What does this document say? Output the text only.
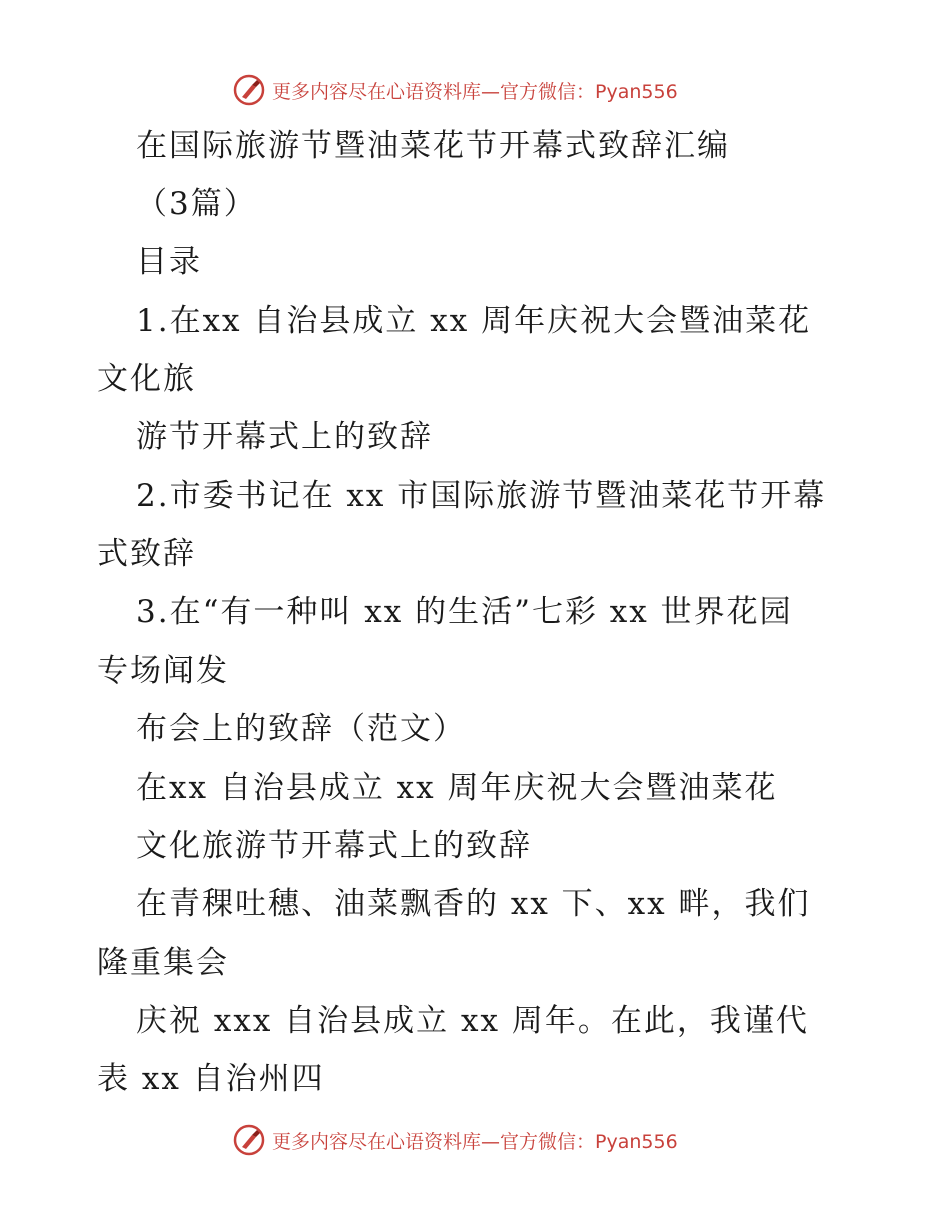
更多内容尽在心语资料库—官方微信：Pyan556
在国际旅游节暨油菜花节开幕式致辞汇编
（3篇）
目录
1.在xx 自治县成立 xx 周年庆祝大会暨油菜花
文化旅
游节开幕式上的致辞
2.市委书记在 xx 市国际旅游节暨油菜花节开幕
式致辞
3.在“有一种叫 xx 的生活”七彩 xx 世界花园
专场闻发
布会上的致辞（范文）
在xx 自治县成立 xx 周年庆祝大会暨油菜花
文化旅游节开幕式上的致辞
在青稞吐穗、油菜飘香的 xx 下、xx 畔，我们
隆重集会
庆祝 xxx 自治县成立 xx 周年。在此，我谨代
表 xx 自治州四
更多内容尽在心语资料库—官方微信：Pyan556
